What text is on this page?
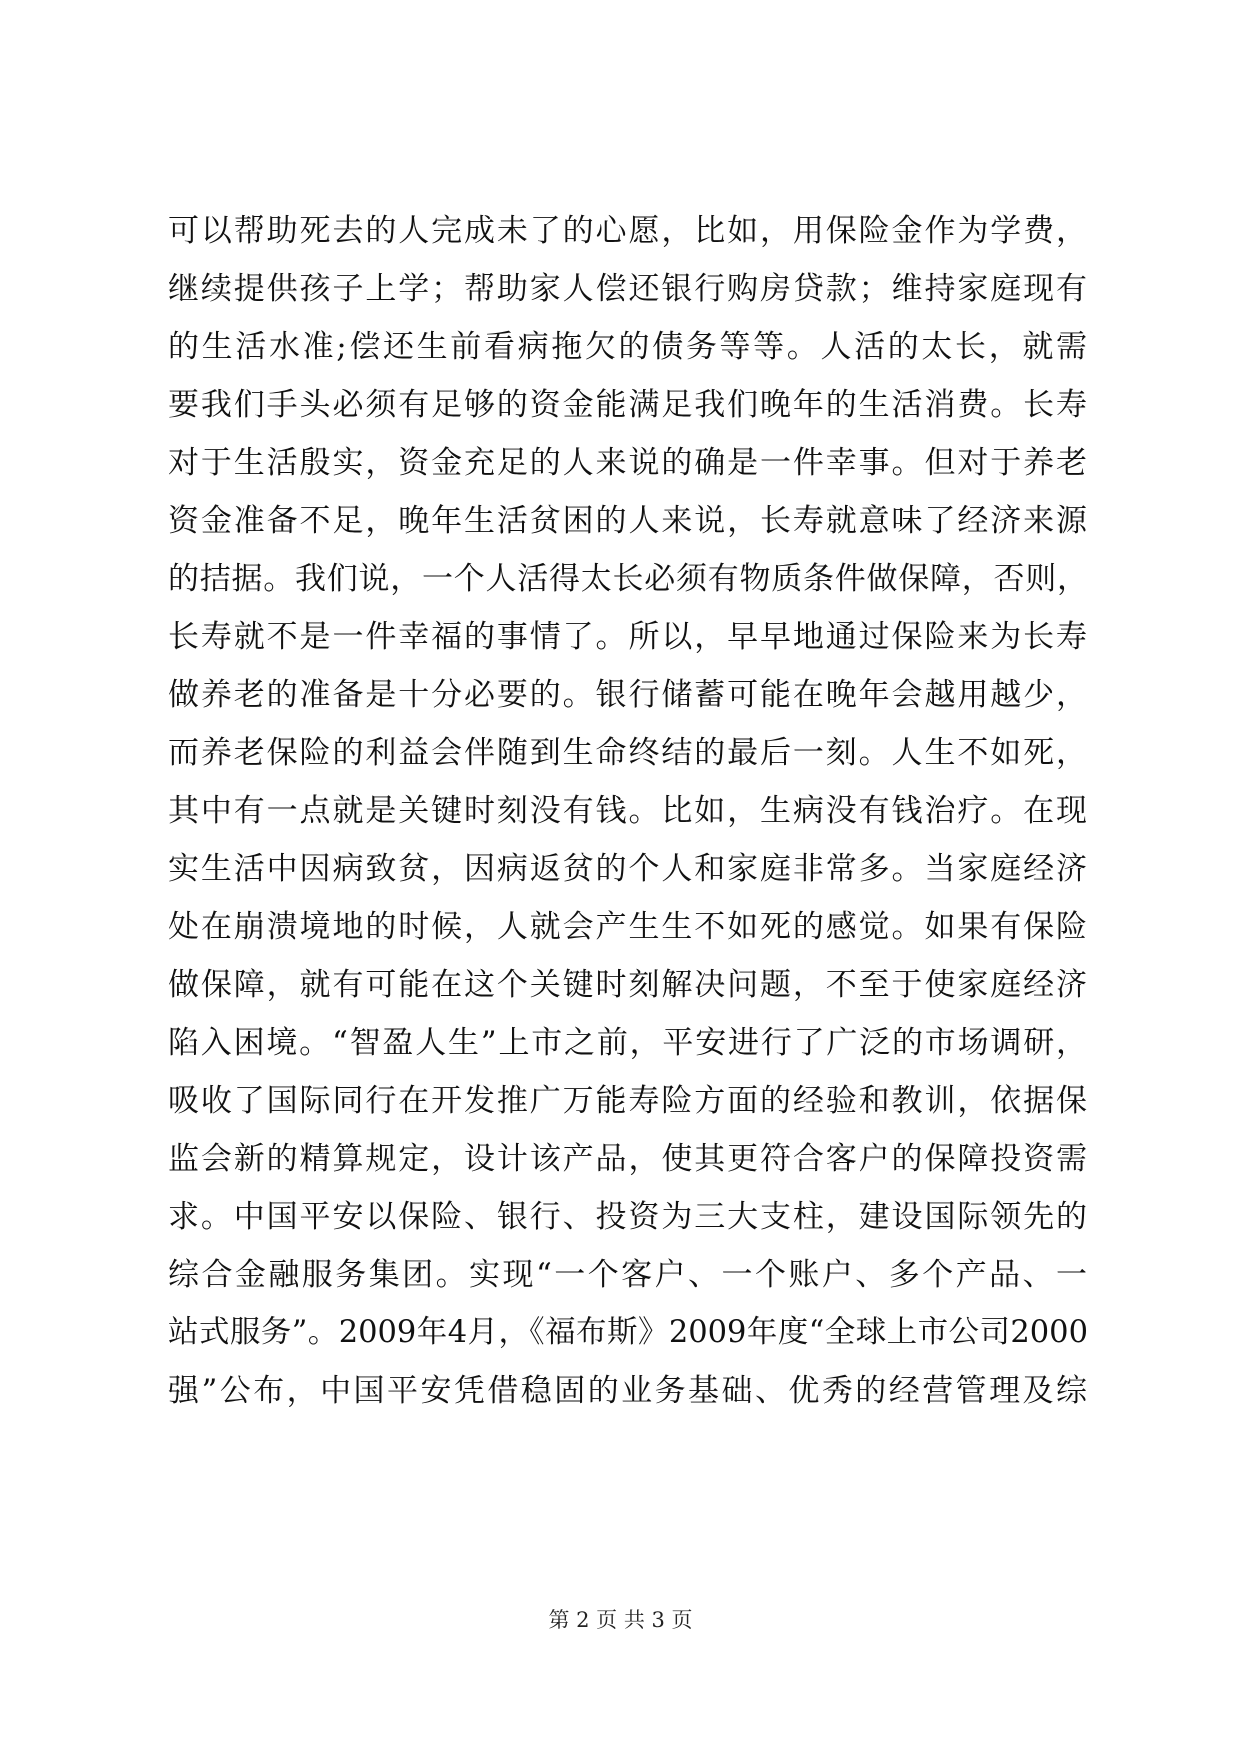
可以帮助死去的人完成未了的心愿，比如，用保险金作为学费，
继续提供孩子上学；帮助家人偿还银行购房贷款；维持家庭现有
的生活水准;偿还生前看病拖欠的债务等等。人活的太长，就需
要我们手头必须有足够的资金能满足我们晚年的生活消费。长寿
对于生活殷实，资金充足的人来说的确是一件幸事。但对于养老
资金准备不足，晚年生活贫困的人来说，长寿就意味了经济来源
的拮据。我们说，一个人活得太长必须有物质条件做保障，否则，
长寿就不是一件幸福的事情了。所以，早早地通过保险来为长寿
做养老的准备是十分必要的。银行储蓄可能在晚年会越用越少，
而养老保险的利益会伴随到生命终结的最后一刻。人生不如死，
其中有一点就是关键时刻没有钱。比如，生病没有钱治疗。在现
实生活中因病致贫，因病返贫的个人和家庭非常多。当家庭经济
处在崩溃境地的时候，人就会产生生不如死的感觉。如果有保险
做保障，就有可能在这个关键时刻解决问题，不至于使家庭经济
陷入困境。“智盈人生”上市之前，平安进行了广泛的市场调研，
吸收了国际同行在开发推广万能寿险方面的经验和教训，依据保
监会新的精算规定，设计该产品，使其更符合客户的保障投资需
求。中国平安以保险、银行、投资为三大支柱，建设国际领先的
综合金融服务集团。实现“一个客户、一个账户、多个产品、一
站式服务”。2009年4月，《福布斯》2009年度“全球上市公司2000
强”公布，中国平安凭借稳固的业务基础、优秀的经营管理及综
第 2 页 共 3 页
